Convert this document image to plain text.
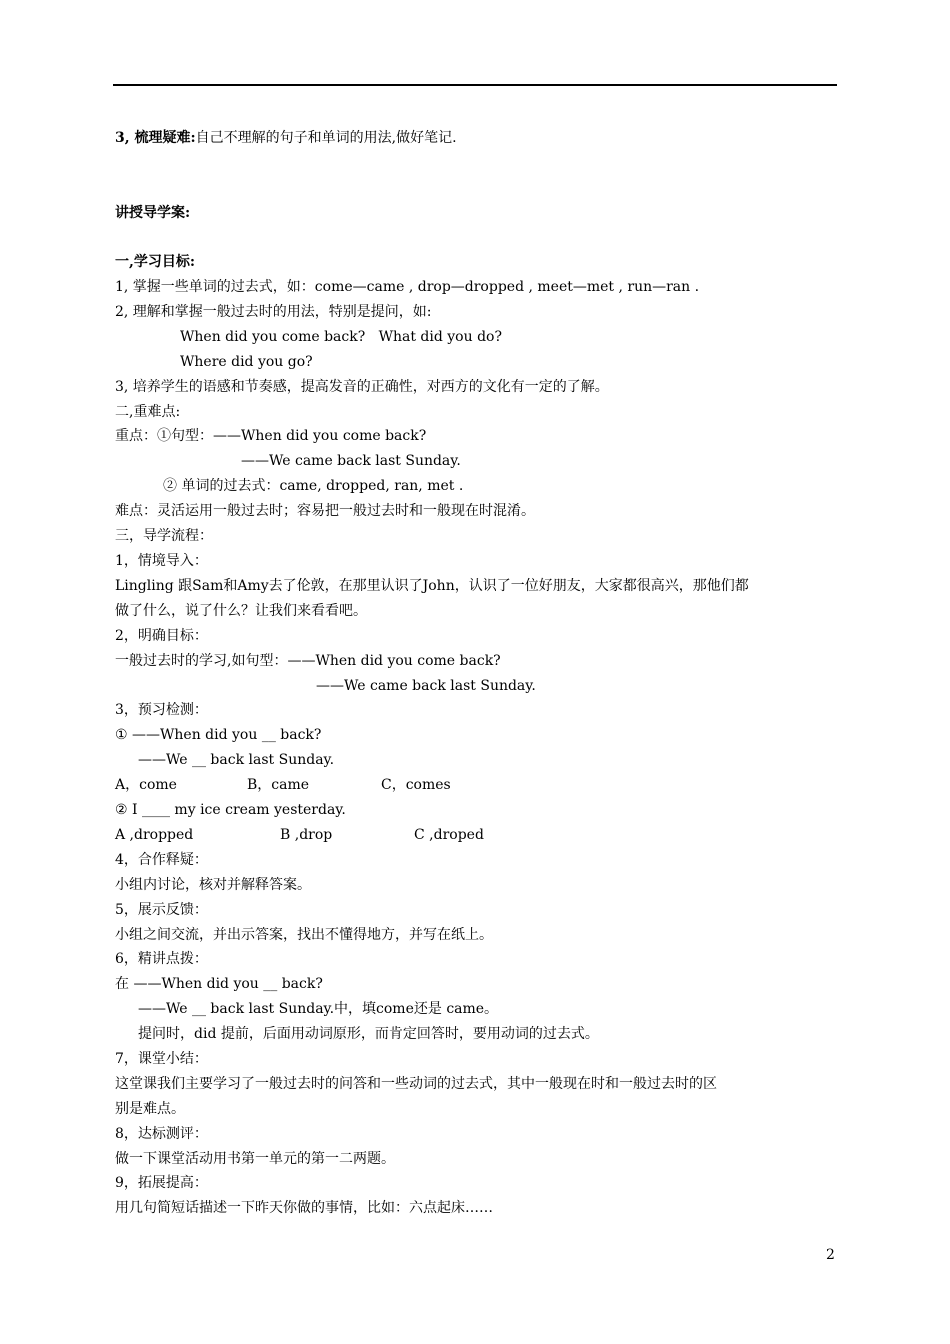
3, 梳理疑难:自己不理解的句子和单词的用法,做好笔记.
讲授导学案:
一,学习目标:
1, 掌握一些单词的过去式，如：come—came , drop—dropped , meet—met , run—ran .
2, 理解和掌握一般过去时的用法，特别是提问，如:
When did you come back?   What did you do?
Where did you go?
3, 培养学生的语感和节奏感，提高发音的正确性，对西方的文化有一定的了解。
二,重难点:
重点：①句型：——When did you come back?
——We came back last Sunday.
② 单词的过去式：came, dropped, ran, met .
难点：灵活运用一般过去时；容易把一般过去时和一般现在时混淆。
三，导学流程：
1，情境导入：
Lingling 跟Sam和Amy去了伦敦，在那里认识了John，认识了一位好朋友，大家都很高兴，那他们都
做了什么，说了什么？让我们来看看吧。
2，明确目标：
一般过去时的学习,如句型：——When did you come back?
——We came back last Sunday.
3，预习检测：
① ——When did you __ back?
——We __ back last Sunday.
A，come	B，came	C，comes
② I ____ my ice cream yesterday.
A ,dropped	B ,drop	C ,droped
4，合作释疑：
小组内讨论，核对并解释答案。
5，展示反馈：
小组之间交流，并出示答案，找出不懂得地方，并写在纸上。
6，精讲点拨：
在 ——When did you __ back?
——We __ back last Sunday.中，填come还是 came。
提问时，did 提前，后面用动词原形，而肯定回答时，要用动词的过去式。
7，课堂小结：
这堂课我们主要学习了一般过去时的问答和一些动词的过去式，其中一般现在时和一般过去时的区
别是难点。
8，达标测评：
做一下课堂活动用书第一单元的第一二两题。
9，拓展提高：
用几句简短话描述一下昨天你做的事情，比如：六点起床……
2
